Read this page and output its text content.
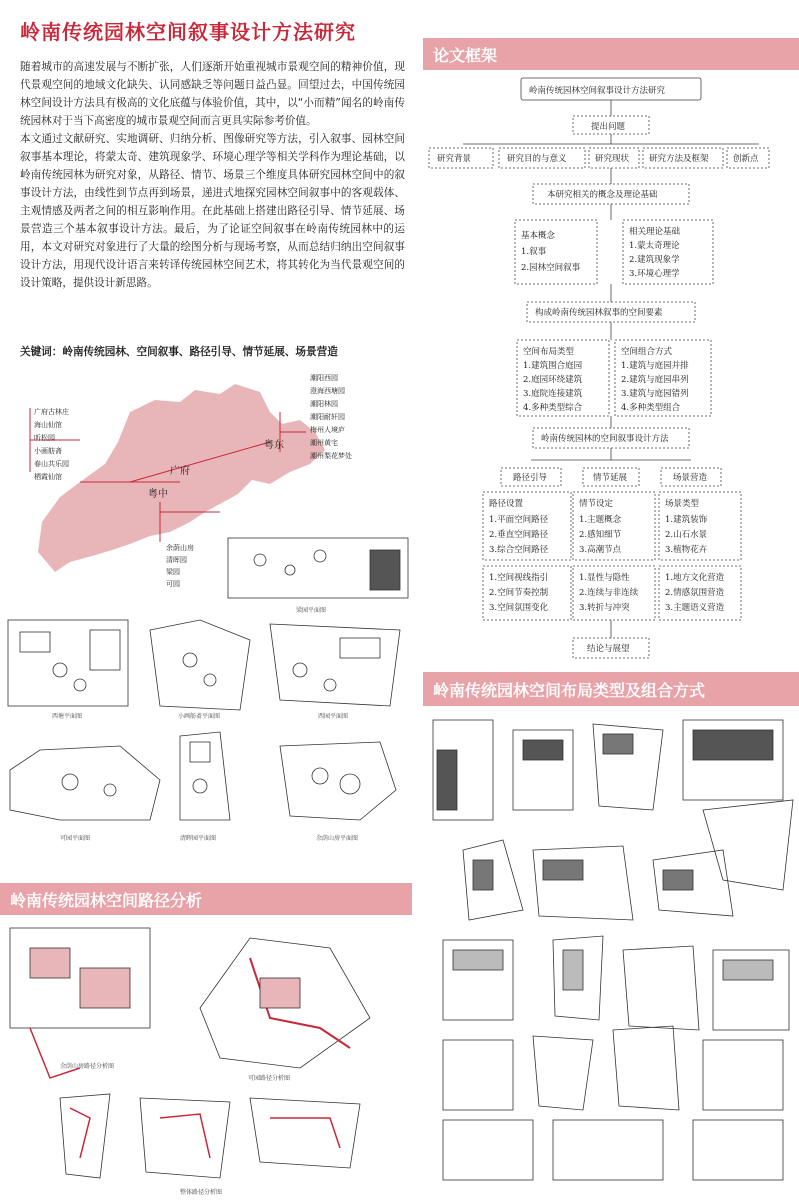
岭南传统园林空间叙事设计方法研究

随着城市的高速发展与不断扩张，人们逐渐开始重视城市景观空间的精神价值，现代景观空间的地域文化缺失、认同感缺乏等问题日益凸显。回望过去，中国传统园林空间设计方法具有极高的文化底蕴与体验价值，其中，以“小而精”闻名的岭南传统园林对于当下高密度的城市景观空间而言更具实际参考价值。

本文通过文献研究、实地调研、归纳分析、图像研究等方法，引入叙事、园林空间叙事基本理论，将蒙太奇、建筑现象学、环境心理学等相关学科作为理论基础，以岭南传统园林为研究对象，从路径、情节、场景三个维度具体研究园林空间中的叙事设计方法，由线性到节点再到场景，递进式地探究园林空间叙事中的客观载体、主观情感及两者之间的相互影响作用。在此基础上搭建出路径引导、情节延展、场景营造三个基本叙事设计方法。最后，为了论证空间叙事在岭南传统园林中的运用，本文对研究对象进行了大量的绘图分析与现场考察，从而总结归纳出空间叙事设计方法，用现代设计语言来转译传统园林空间艺术，将其转化为当代景观空间的设计策略，提供设计新思路。

关键词：岭南传统园林、空间叙事、路径引导、情节延展、场景营造
广府
粤东
粤中
广府古林庄
海山仙馆
听松园
小画舫斋
春山共乐园
栖霞仙馆
潮阳西园
澄海西塘园
潮阳林园
潮阳耐轩园
梅州人境庐
潮州黄宅
潮州梨花梦处
余荫山房
清晖园
梁园
可园
梁园平面图
西塘平面图	小画舫斋平面图	西园平面图
可园平面图	清晖园平面图	余荫山房平面图
论文框架
岭南传统园林空间布局类型及组合方式
岭南传统园林空间路径分析
岭南传统园林空间叙事设计方法研究
提出问题
研究背景	研究目的与意义	研究现状 研究方法及框架	创新点
本研究相关的概念及理论基础
基本概念
1.叙事
2.园林空间叙事
相关理论基础
1.蒙太奇理论
2.建筑现象学
3.环境心理学
构成岭南传统园林叙事的空间要素
空间布局类型
1.建筑围合庭园
2.庭园环绕建筑
3.庭院连接建筑
4.多种类型综合
空间组合方式
1.建筑与庭园并排
2.建筑与庭园串列
3.建筑与庭园错列
4.多种类型组合
岭南传统园林的空间叙事设计方法
路径引导	情节延展	场景营造
路径设置
1.平面空间路径
2.垂直空间路径
3.综合空间路径
情节设定
1.主题概念
2.感知细节
3.高潮节点
场景类型
1.建筑装饰
2.山石水景
3.植物花卉
1.空间视线指引
2.空间节奏控制
3.空间氛围变化
1.显性与隐性
2.连续与非连续
3.转折与冲突
1.地方文化营造
2.情感氛围营造
3.主题语义营造
结论与展望
余荫山房路径分析图
可园路径分析图
整体路径分析图
